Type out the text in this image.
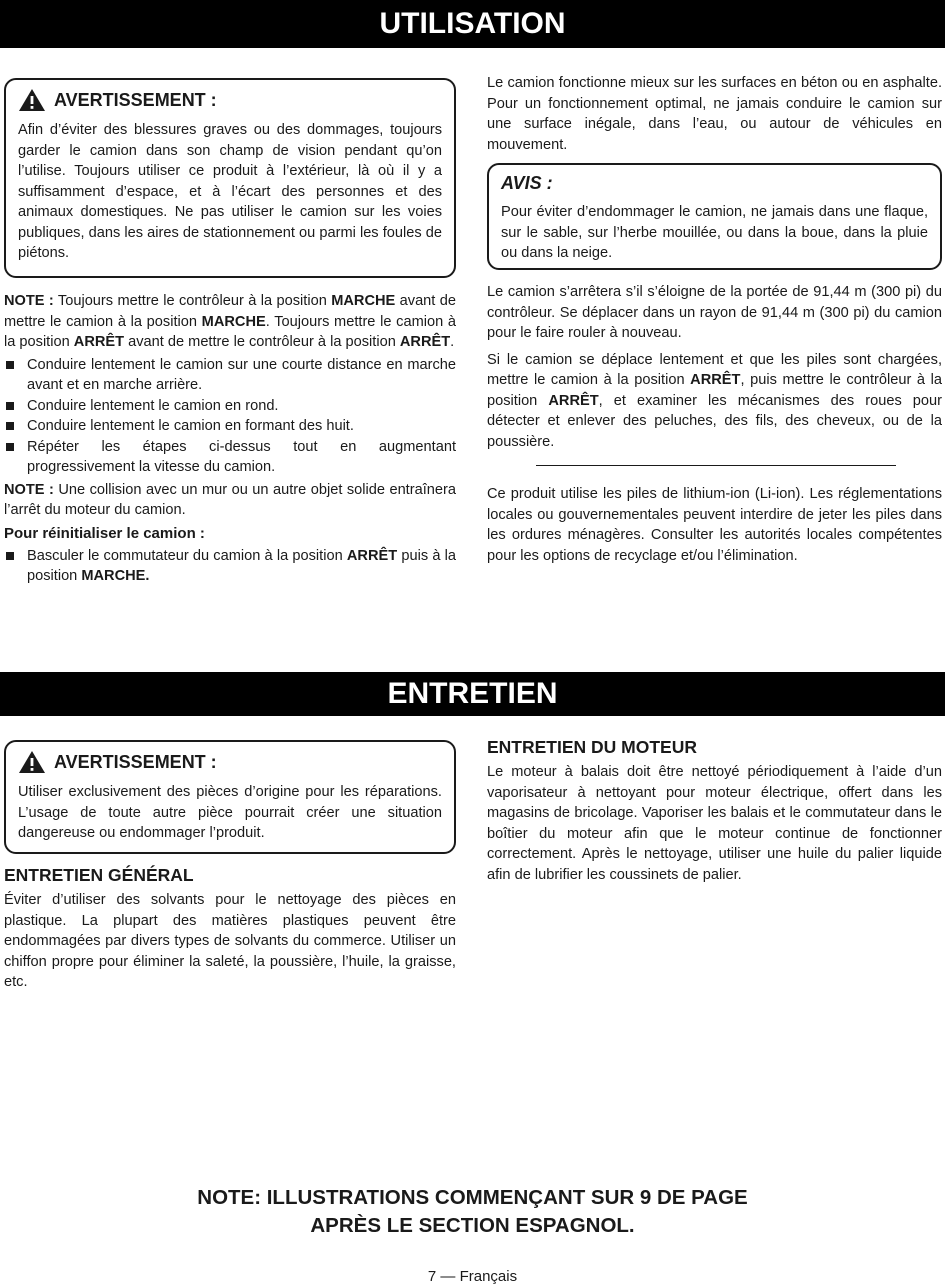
UTILISATION
AVERTISSEMENT :

Afin d’éviter des blessures graves ou des dommages, toujours garder le camion dans son champ de vision pendant qu’on l’utilise. Toujours utiliser ce produit à l’extérieur, là où il y a suffisamment d’espace, et à l’écart des personnes et des animaux domestiques. Ne pas utiliser le camion sur les voies publiques, dans les aires de stationnement ou parmi les foules de piétons.

NOTE : Toujours mettre le contrôleur à la position MARCHE avant de mettre le camion à la position MARCHE. Toujours mettre le camion à la position ARRÊT avant de mettre le contrôleur à la position ARRÊT.

Conduire lentement le camion sur une courte distance en marche avant et en marche arrière.
Conduire lentement le camion en rond.
Conduire lentement le camion en formant des huit.
Répéter les étapes ci-dessus tout en augmentant progressivement la vitesse du camion.

NOTE : Une collision avec un mur ou un autre objet solide entraînera l’arrêt du moteur du camion.

Pour réinitialiser le camion :
Basculer le commutateur du camion à la position ARRÊT puis à la position MARCHE.

Le camion fonctionne mieux sur les surfaces en béton ou en asphalte. Pour un fonctionnement optimal, ne jamais conduire le camion sur une surface inégale, dans l’eau, ou autour de véhicules en mouvement.

AVIS :

Pour éviter d’endommager le camion, ne jamais dans une flaque, sur le sable, sur l’herbe mouillée, ou dans la boue, dans la pluie ou dans la neige.

Le camion s’arrêtera s’il s’éloigne de la portée de 91,44 m (300 pi) du contrôleur. Se déplacer dans un rayon de 91,44 m (300 pi) du camion pour le faire rouler à nouveau.

Si le camion se déplace lentement et que les piles sont chargées, mettre le camion à la position ARRÊT, puis mettre le contrôleur à la position ARRÊT, et examiner les mécanismes des roues pour détecter et enlever des peluches, des fils, des cheveux, ou de la poussière.

Ce produit utilise les piles de lithium-ion (Li-ion). Les réglementations locales ou gouvernementales peuvent interdire de jeter les piles dans les ordures ménagères. Consulter les autorités locales compétentes pour les options de recyclage et/ou l’élimination.

ENTRETIEN
AVERTISSEMENT :

Utiliser exclusivement des pièces d’origine pour les réparations. L’usage de toute autre pièce pourrait créer une situation dangereuse ou endommager l’produit.

ENTRETIEN GÉNÉRAL

Éviter d’utiliser des solvants pour le nettoyage des pièces en plastique. La plupart des matières plastiques peuvent être endommagées par divers types de solvants du commerce. Utiliser un chiffon propre pour éliminer la saleté, la poussière, l’huile, la graisse, etc.

ENTRETIEN DU MOTEUR

Le moteur à balais doit être nettoyé périodiquement à l’aide d’un vaporisateur à nettoyant pour moteur électrique, offert dans les magasins de bricolage. Vaporiser les balais et le commutateur dans le boîtier du moteur afin que le moteur continue de fonctionner correctement. Après le nettoyage, utiliser une huile du palier liquide afin de lubrifier les coussinets de palier.

NOTE: ILLUSTRATIONS COMMENÇANT SUR 9 DE PAGE
APRÈS LE SECTION ESPAGNOL.
7 — Français
